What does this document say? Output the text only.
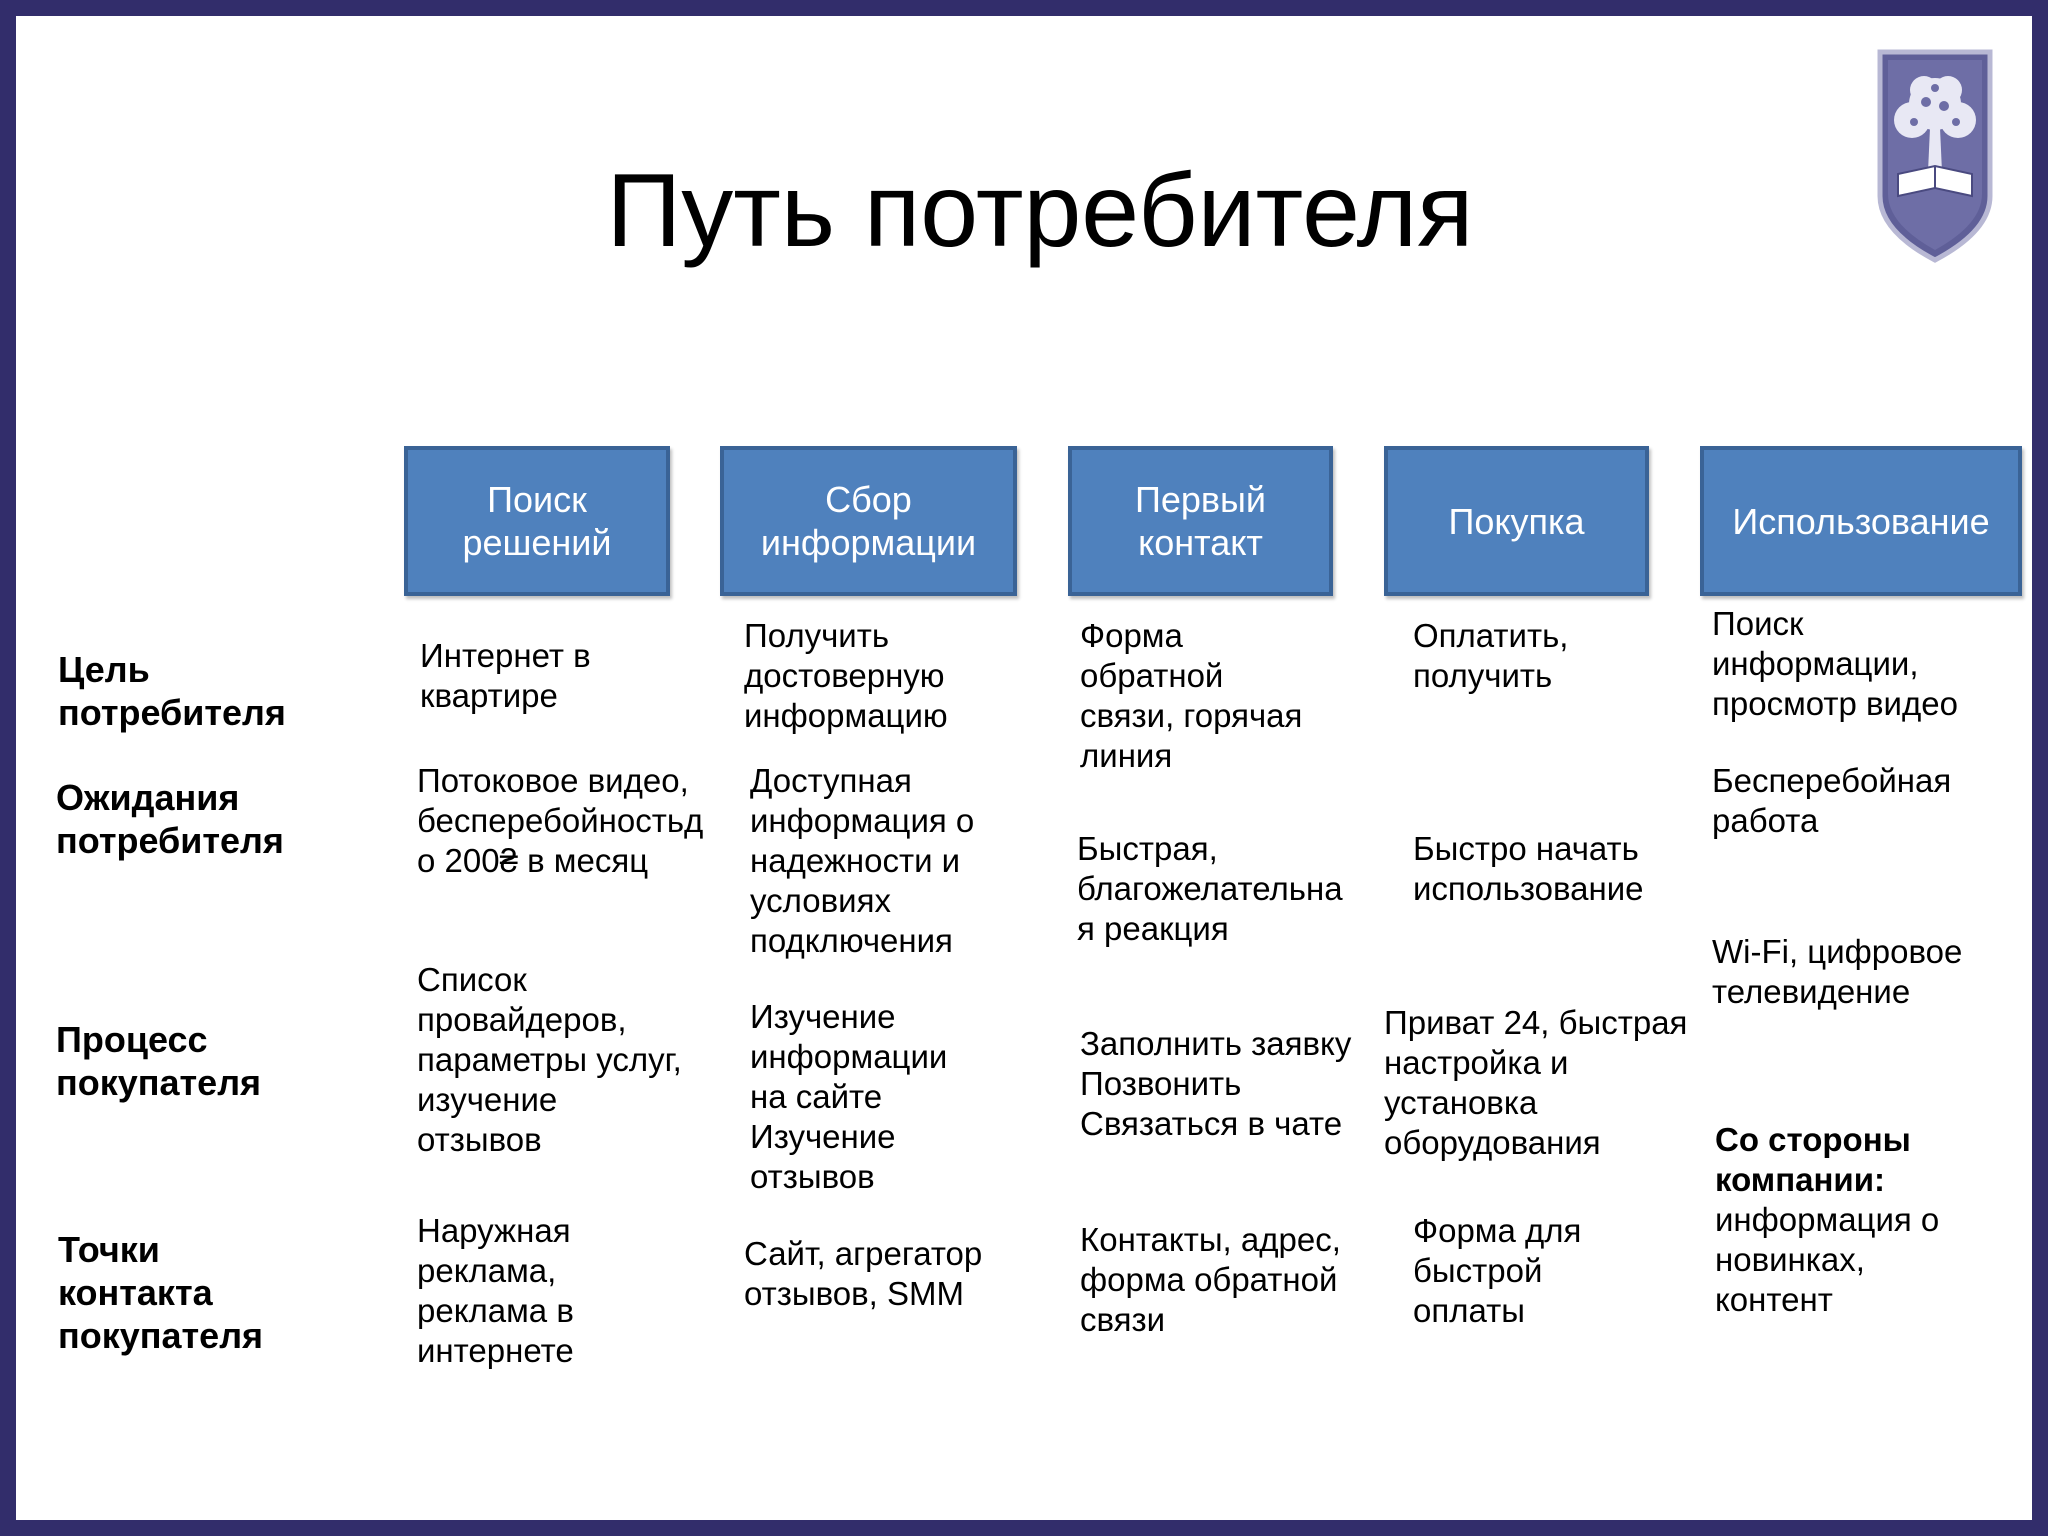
Путь потребителя
Поиск
решений
Сбор
информации
Первый
контакт
Покупка	Использование
Цель
потребителя
Ожидания
потребителя
Процесс
покупателя
Точки
контакта
покупателя
Интернет в
квартире
Получить
достоверную
информацию
Форма
обратной
связи, горячая
линия
Оплатить,
получить
Поиск
информации,
просмотр видео
Потоковое видео,
бесперебойностьд
о 200₴ в месяц
Доступная
информация о
надежности и
условиях
подключения
Быстрая,
благожелательна
я реакция
Быстро начать
использование
Бесперебойная
работа
Wi-Fi, цифровое
телевидение
Список
провайдеров,
параметры услуг,
изучение
отзывов
Изучение
информации
на сайте
Изучение
отзывов
Заполнить заявку
Позвонить
Связаться в чате
Приват 24, быстрая
настройка и
установка
оборудования	Со стороны
компании:
информация о
новинках,
контент
Наружная
реклама,
реклама в
интернете
Сайт, агрегатор
отзывов, SMM
Контакты, адрес,
форма обратной
связи
Форма для
быстрой
оплаты
